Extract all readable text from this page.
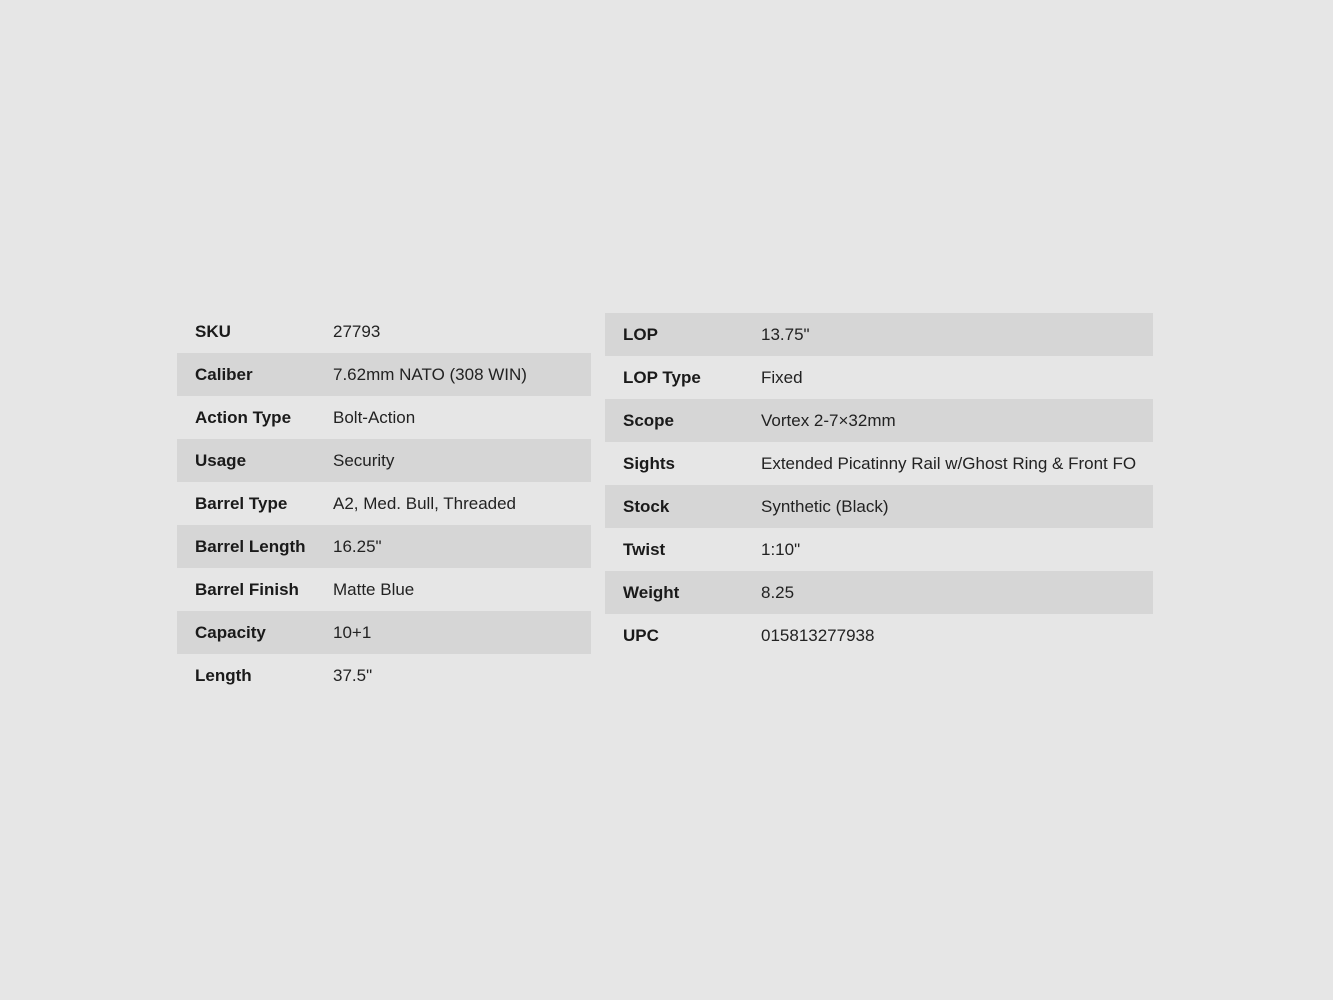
SKU	27793
Caliber	7.62mm NATO (308 WIN)
Action Type	Bolt-Action
Usage	Security
Barrel Type	A2, Med. Bull, Threaded
Barrel Length	16.25"
Barrel Finish	Matte Blue
Capacity	10+1
Length	37.5"
LOP	13.75"
LOP Type	Fixed
Scope	Vortex 2-7×32mm
Sights	Extended Picatinny Rail w/Ghost Ring & Front FO
Stock	Synthetic (Black)
Twist	1:10"
Weight	8.25
UPC	015813277938
